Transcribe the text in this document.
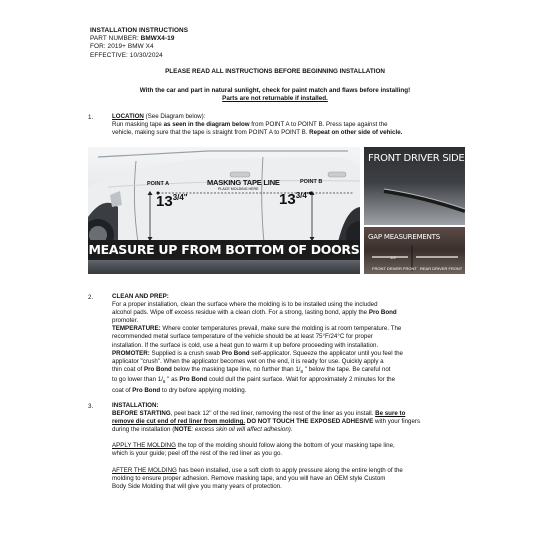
INSTALLATION INSTRUCTIONS
PART NUMBER: BMWX4-19
FOR: 2019+ BMW X4
EFFECTIVE: 10/30/2024
PLEASE READ ALL INSTRUCTIONS BEFORE BEGINNING INSTALLATION
With the car and part in natural sunlight, check for paint match and flaws before installing!
Parts are not returnable if installed.
1.	LOCATION (See Diagram below):
Run masking tape as seen in the diagram below from POINT A to POINT B. Press tape against the
vehicle, making sure that the tape is straight from POINT A to POINT B. Repeat on other side of vehicle.
POINT A	POINT B
MASKING TAPE LINE
PLACE MOLDING HERE
$13^{3/4"}$	$13^{3/4"}$
MEASURE UP FROM BOTTOM OF DOORS
FRONT DRIVER SIDE
GAP MEASUREMENTS
1/4"
FRONT DRIVER FRONT REAR DRIVER FRONT
2.	CLEAN AND PREP:
For a proper installation, clean the surface where the molding is to be installed using the included
alcohol pads. Wipe off excess residue with a clean cloth. For a strong, lasting bond, apply the Pro Bond
promoter.
TEMPERATURE: Where cooler temperatures prevail, make sure the molding is at room temperature. The
recommended metal surface temperature of the vehicle should be at least 75°F/24°C for proper
installation. If the surface is cold, use a heat gun to warm it up before proceeding with installation.
PROMOTER: Supplied is a crush swab Pro Bond self-applicator. Squeeze the applicator until you feel the
applicator "crush". When the applicator becomes wet on the end, it is ready for use. Quickly apply a
thin coat of Pro Bond below the masking tape line, no further than $1/_8$ " below the tape. Be careful not
to go lower than $1/_8$ " as Pro Bond could dull the paint surface. Wait for approximately 2 minutes for the
coat of Pro Bond to dry before applying molding.
3.	INSTALLATION:
BEFORE STARTING, peel back 12" of the red liner, removing the rest of the liner as you install. Be sure to
remove die cut end of red liner from molding. DO NOT TOUCH THE EXPOSED ADHESIVE with your fingers
during the installation (NOTE: excess skin oil will affect adhesion).
APPLY THE MOLDING the top of the molding should follow along the bottom of your masking tape line,
which is your guide; peel off the rest of the red liner as you go.
AFTER THE MOLDING has been installed, use a soft cloth to apply pressure along the entire length of the
molding to ensure proper adhesion. Remove masking tape, and you will have an OEM style Custom
Body Side Molding that will give you many years of protection.
